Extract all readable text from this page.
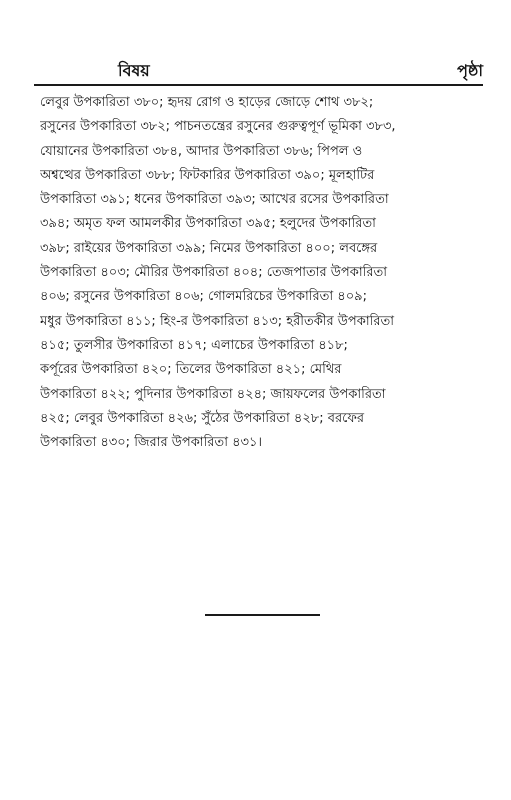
বিষয়	পৃষ্ঠা
লেবুর উপকারিতা ৩৮০; হৃদয় রোগ ও হাড়ের জোড়ে শোথ ৩৮২;
রসুনের উপকারিতা ৩৮২; পাচনতন্ত্রের রসুনের গুরুত্বপূর্ণ ভূমিকা ৩৮৩,
যোয়ানের উপকারিতা ৩৮৪, আদার উপকারিতা ৩৮৬; পিপল ও
অশ্বত্থের উপকারিতা ৩৮৮; ফিটকারির উপকারিতা ৩৯০; মূলহাটির
উপকারিতা ৩৯১; ধনের উপকারিতা ৩৯৩; আখের রসের উপকারিতা
৩৯৪; অমৃত ফল আমলকীর উপকারিতা ৩৯৫; হলুদের উপকারিতা
৩৯৮; রাইয়ের উপকারিতা ৩৯৯; নিমের উপকারিতা ৪০০; লবঙ্গের
উপকারিতা ৪০৩; মৌরির উপকারিতা ৪০৪; তেজপাতার উপকারিতা
৪০৬; রসুনের উপকারিতা ৪০৬; গোলমরিচের উপকারিতা ৪০৯;
মধুর উপকারিতা ৪১১; হিং-র উপকারিতা ৪১৩; হরীতকীর উপকারিতা
৪১৫; তুলসীর উপকারিতা ৪১৭; এলাচের উপকারিতা ৪১৮;
কর্পূরের উপকারিতা ৪২০; তিলের উপকারিতা ৪২১; মেথির
উপকারিতা ৪২২; পুদিনার উপকারিতা ৪২৪; জায়ফলের উপকারিতা
৪২৫; লেবুর উপকারিতা ৪২৬; সুঁঠের উপকারিতা ৪২৮; বরফের
উপকারিতা ৪৩০; জিরার উপকারিতা ৪৩১।
